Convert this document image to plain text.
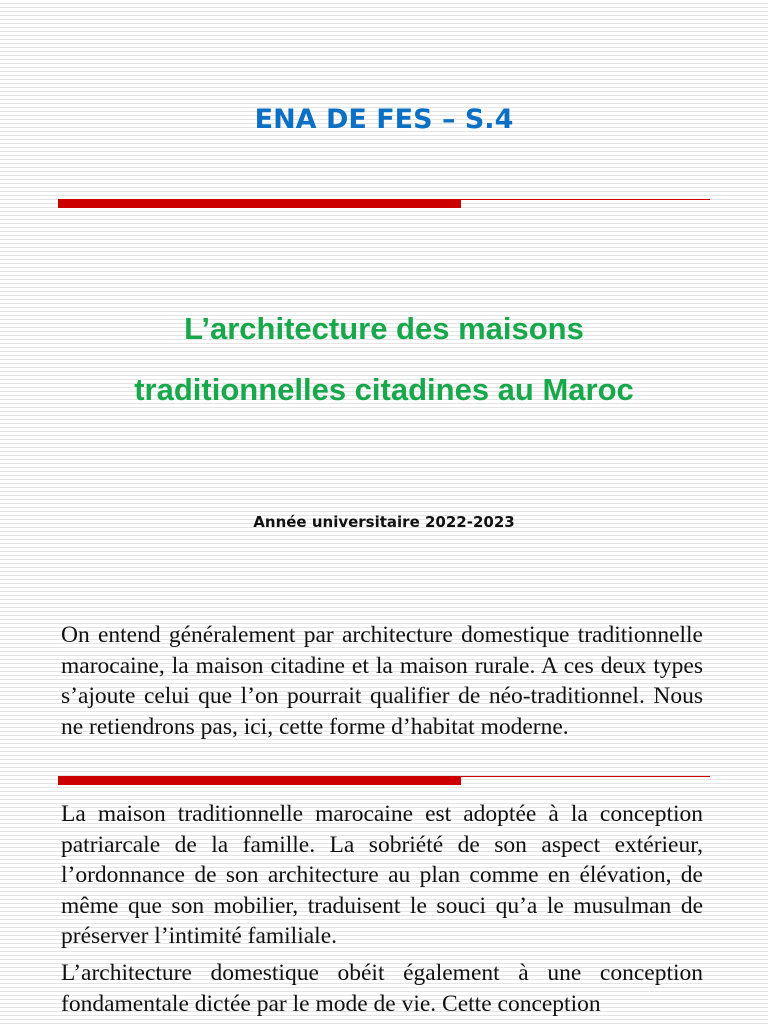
ENA DE FES – S.4
L’architecture des maisons
traditionnelles citadines au Maroc

Année universitaire 2022-2023

On entend généralement par architecture domestique traditionnelle marocaine, la maison citadine et la maison rurale. A ces deux types s’ajoute celui que l’on pourrait qualifier de néo-traditionnel. Nous ne retiendrons pas, ici, cette forme d’habitat moderne.

La maison traditionnelle marocaine est adoptée à la conception patriarcale de la famille. La sobriété de son aspect extérieur, l’ordonnance de son architecture au plan comme en élévation, de même que son mobilier, traduisent le souci qu’a le musulman de préserver l’intimité familiale.

L’architecture domestique obéit également à une conception fondamentale dictée par le mode de vie. Cette conception
